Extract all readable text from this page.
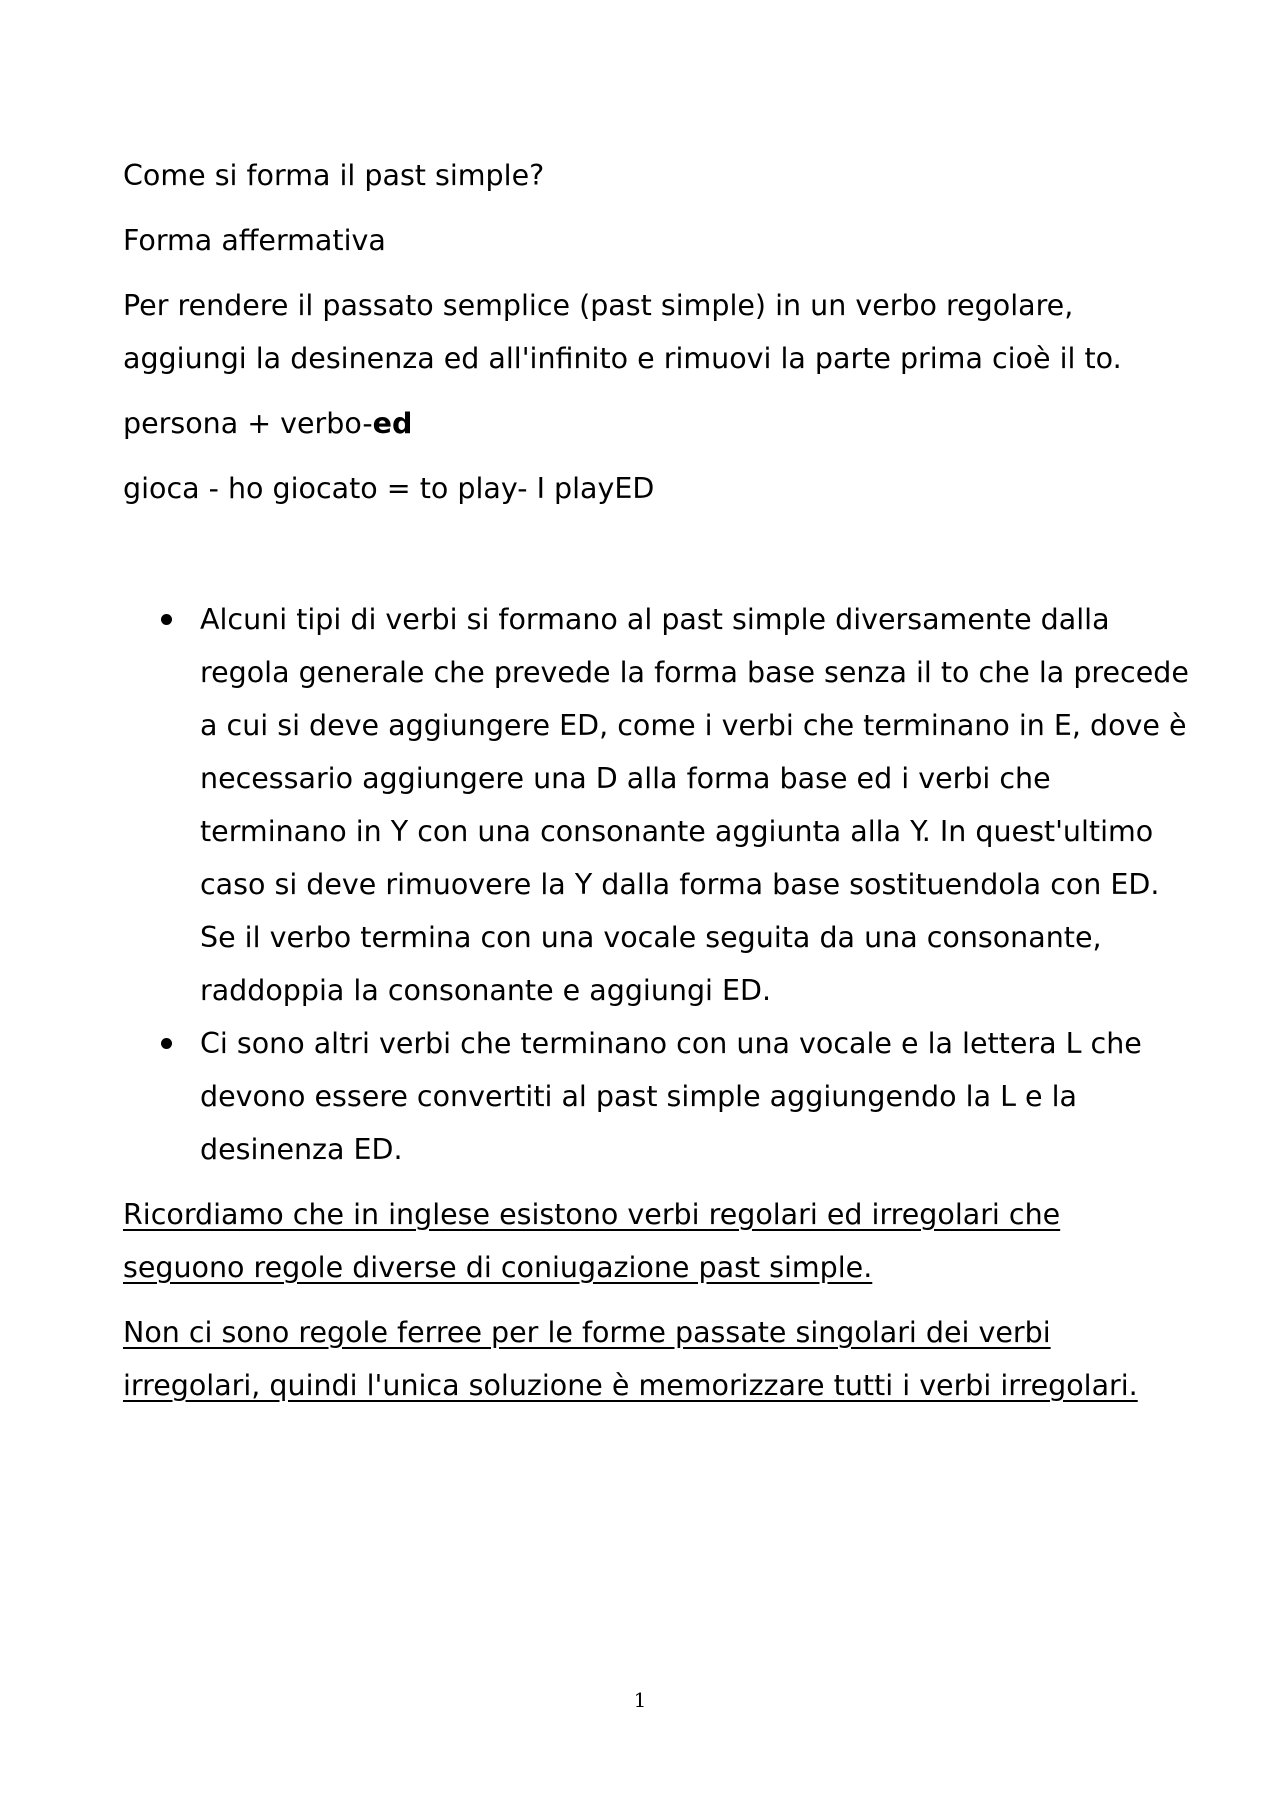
Come si forma il past simple?

Forma affermativa

Per rendere il passato semplice (past simple) in un verbo regolare, aggiungi la desinenza ed all'infinito e rimuovi la parte prima cioè il to.

persona + verbo-ed

gioca - ho giocato = to play- I playED

Alcuni tipi di verbi si formano al past simple diversamente dalla regola generale che prevede la forma base senza il to che la precede a cui si deve aggiungere ED, come i verbi che terminano in E, dove è necessario aggiungere una D alla forma base ed i verbi che terminano in Y con una consonante aggiunta alla Y. In quest'ultimo caso si deve rimuovere la Y dalla forma base sostituendola con ED. Se il verbo termina con una vocale seguita da una consonante, raddoppia la consonante e aggiungi ED.
Ci sono altri verbi che terminano con una vocale e la lettera L che devono essere convertiti al past simple aggiungendo la L e la desinenza ED.

Ricordiamo che in inglese esistono verbi regolari ed irregolari che seguono regole diverse di coniugazione past simple.

Non ci sono regole ferree per le forme passate singolari dei verbi irregolari, quindi l'unica soluzione è memorizzare tutti i verbi irregolari.

1
